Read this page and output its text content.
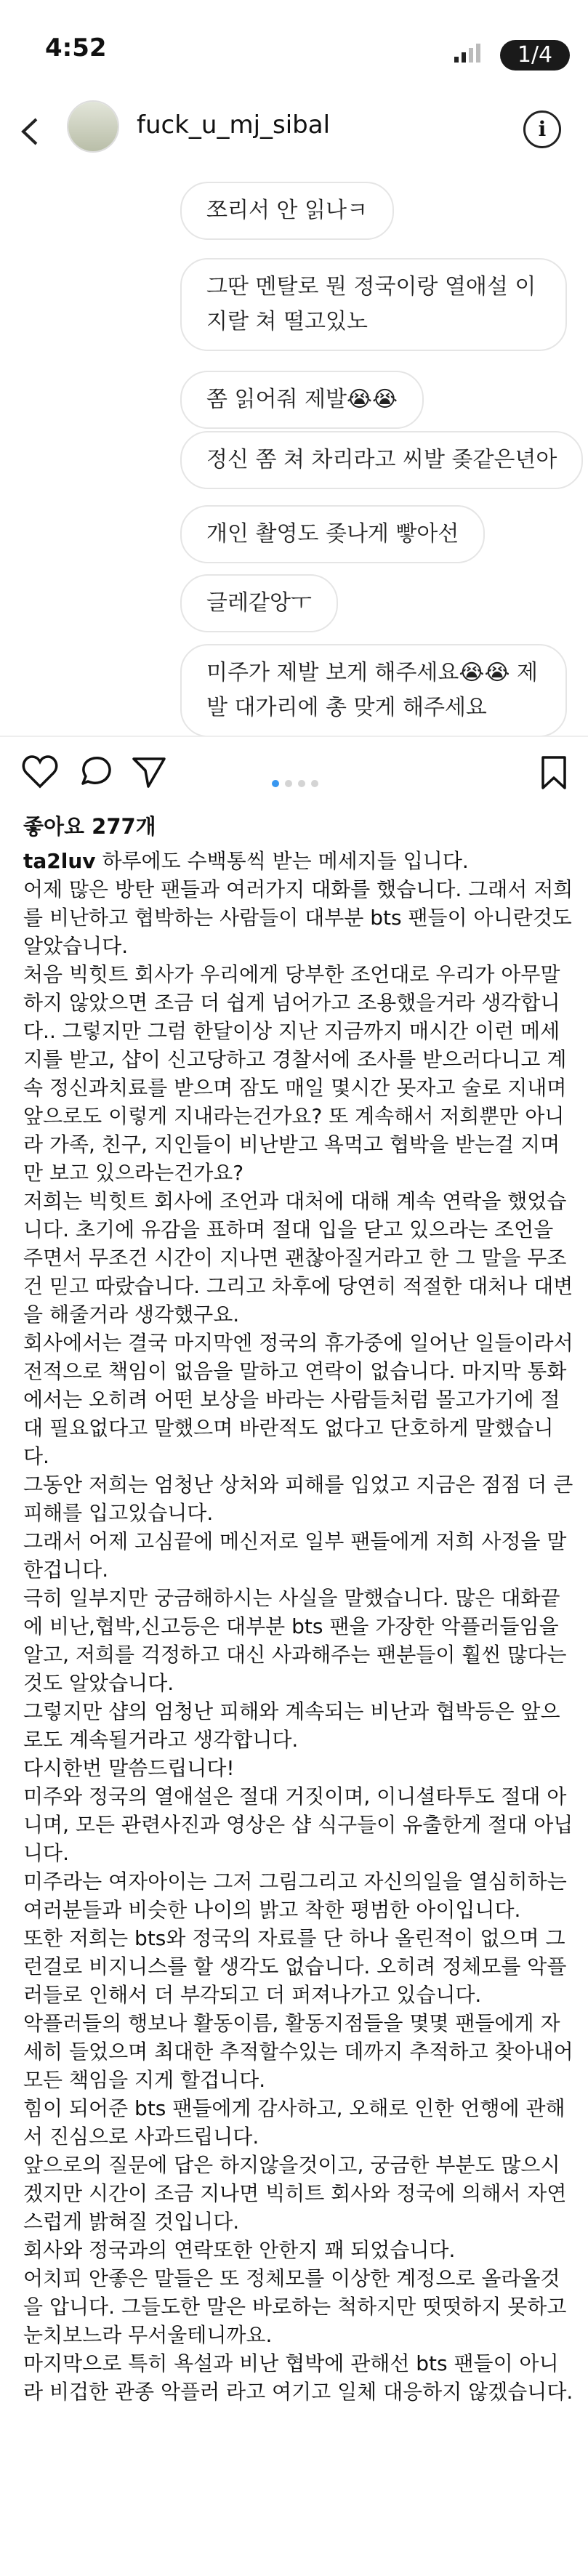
4:52	1/4
fuck_u_mj_sibal	i
쪼리서 안 읽나ㅋ
그딴 멘탈로 뭔 정국이랑 열애설 이지랄 쳐 떨고있노
쫌 읽어줘 제발😭😭
정신 쫌 쳐 차리라고 씨발 좆같은년아
개인 촬영도 좆나게 빻아선
글레같앙ㅜ
미주가 제발 보게 해주세요😭😭 제발 대가리에 총 맞게 해주세요
좋아요 277개

ta2luv 하루에도 수백통씩 받는 메세지들 입니다.

어제 많은 방탄 팬들과 여러가지 대화를 했습니다. 그래서 저희를 비난하고 협박하는 사람들이 대부분 bts 팬들이 아니란것도 알았습니다.

처음 빅힛트 회사가 우리에게 당부한 조언대로 우리가 아무말 하지 않았으면 조금 더 쉽게 넘어가고 조용했을거라 생각합니다.. 그렇지만 그럼 한달이상 지난 지금까지 매시간 이런 메세지를 받고, 샵이 신고당하고 경찰서에 조사를 받으러다니고 계속 정신과치료를 받으며 잠도 매일 몇시간 못자고 술로 지내며 앞으로도 이렇게 지내라는건가요? 또 계속해서 저희뿐만 아니라 가족, 친구, 지인들이 비난받고 욕먹고 협박을 받는걸 지며만 보고 있으라는건가요?

저희는 빅힛트 회사에 조언과 대처에 대해 계속 연락을 했었습니다. 초기에 유감을 표하며 절대 입을 닫고 있으라는 조언을 주면서 무조건 시간이 지나면 괜찮아질거라고 한 그 말을 무조건 믿고 따랐습니다. 그리고 차후에 당연히 적절한 대처나 대변을 해줄거라 생각했구요.

회사에서는 결국 마지막엔 정국의 휴가중에 일어난 일들이라서 전적으로 책임이 없음을 말하고 연락이 없습니다. 마지막 통화에서는 오히려 어떤 보상을 바라는 사람들처럼 몰고가기에 절대 필요없다고 말했으며 바란적도 없다고 단호하게 말했습니다.

그동안 저희는 엄청난 상처와 피해를 입었고 지금은 점점 더 큰 피해를 입고있습니다.

그래서 어제 고심끝에 메신저로 일부 팬들에게 저희 사정을 말한겁니다.

극히 일부지만 궁금해하시는 사실을 말했습니다. 많은 대화끝에 비난,협박,신고등은 대부분 bts 팬을 가장한 악플러들임을 알고, 저희를 걱정하고 대신 사과해주는 팬분들이 훨씬 많다는것도 알았습니다.

그렇지만 샵의 엄청난 피해와 계속되는 비난과 협박등은 앞으로도 계속될거라고 생각합니다.

다시한번 말씀드립니다!

미주와 정국의 열애설은 절대 거짓이며, 이니셜타투도 절대 아니며, 모든 관련사진과 영상은 샵 식구들이 유출한게 절대 아닙니다.

미주라는 여자아이는 그저 그림그리고 자신의일을 열심히하는 여러분들과 비슷한 나이의 밝고 착한 평범한 아이입니다.

또한 저희는 bts와 정국의 자료를 단 하나 올린적이 없으며 그런걸로 비지니스를 할 생각도 없습니다. 오히려 정체모를 악플러들로 인해서 더 부각되고 더 퍼져나가고 있습니다.

악플러들의 행보나 활동이름, 활동지점들을 몇몇 팬들에게 자세히 들었으며 최대한 추적할수있는 데까지 추적하고 찾아내어 모든 책임을 지게 할겁니다.

힘이 되어준 bts 팬들에게 감사하고, 오해로 인한 언행에 관해서 진심으로 사과드립니다.

앞으로의 질문에 답은 하지않을것이고, 궁금한 부분도 많으시겠지만 시간이 조금 지나면 빅히트 회사와 정국에 의해서 자연스럽게 밝혀질 것입니다.

회사와 정국과의 연락또한 안한지 꽤 되었습니다.

어치피 안좋은 말들은 또 정체모를 이상한 계정으로 올라올것을 압니다. 그들도한 말은 바로하는 척하지만 떳떳하지 못하고 눈치보느라 무서울테니까요.

마지막으로 특히 욕설과 비난 협박에 관해선 bts 팬들이 아니라 비겁한 관종 악플러 라고 여기고 일체 대응하지 않겠습니다.
